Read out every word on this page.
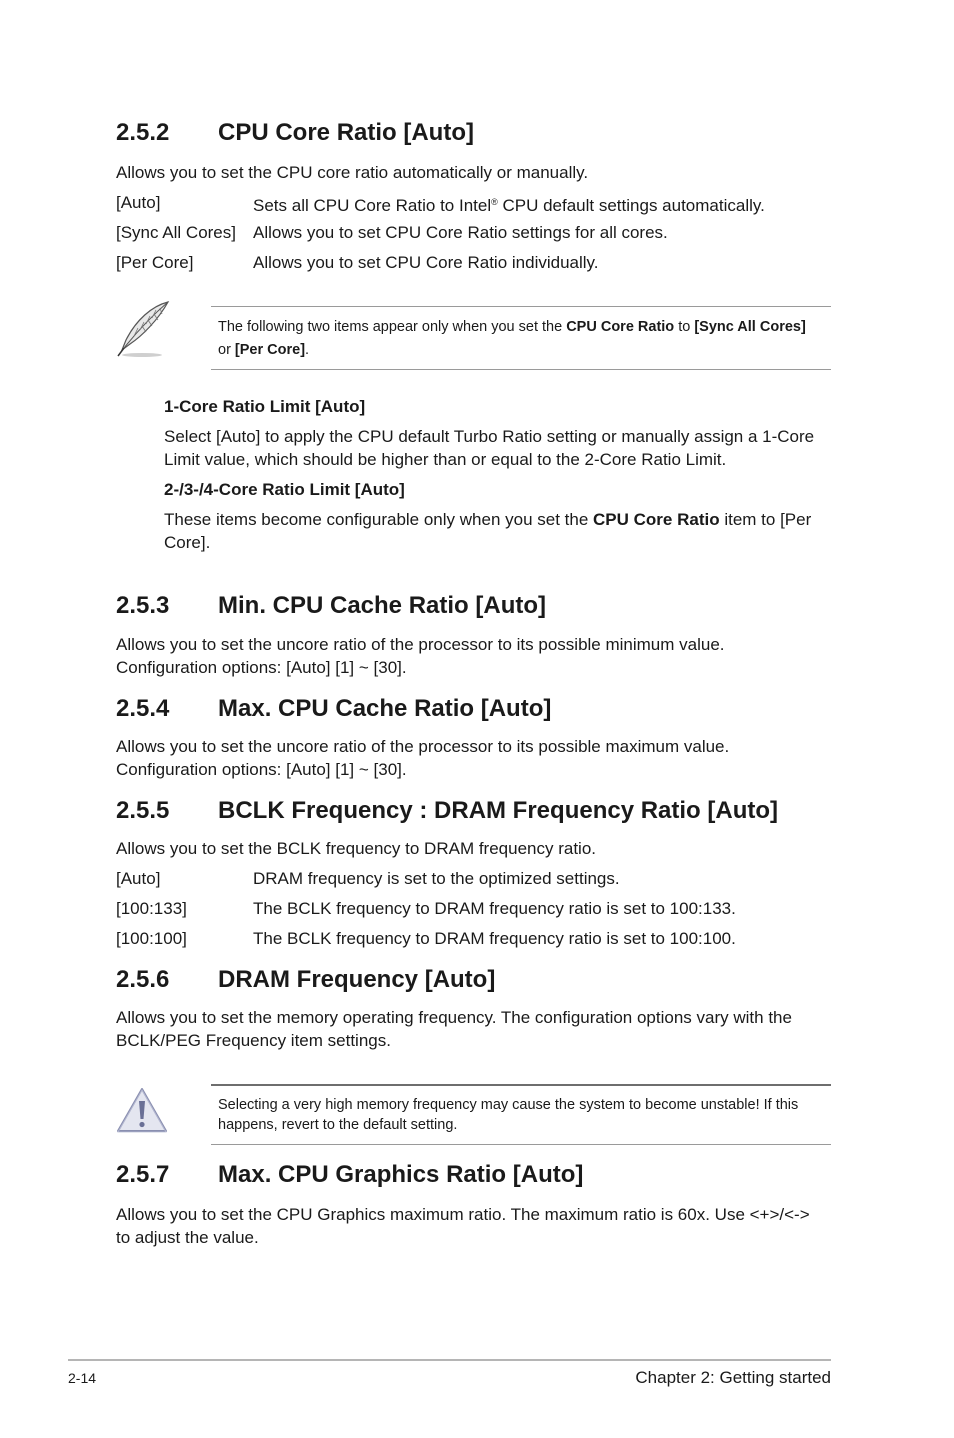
2.5.2 CPU Core Ratio [Auto]
Allows you to set the CPU core ratio automatically or manually.
[Auto]	Sets all CPU Core Ratio to Intel® CPU default settings automatically.
[Sync All Cores] Allows you to set CPU Core Ratio settings for all cores.
[Per Core]	Allows you to set CPU Core Ratio individually.
The following two items appear only when you set the CPU Core Ratio to [Sync All Cores] or [Per Core].
1-Core Ratio Limit [Auto]
Select [Auto] to apply the CPU default Turbo Ratio setting or manually assign a 1-Core Limit value, which should be higher than or equal to the 2-Core Ratio Limit.
2-/3-/4-Core Ratio Limit [Auto]
These items become configurable only when you set the CPU Core Ratio item to [Per Core].
2.5.3 Min. CPU Cache Ratio [Auto]
Allows you to set the uncore ratio of the processor to its possible minimum value.
Configuration options: [Auto] [1] ~ [30].
2.5.4 Max. CPU Cache Ratio [Auto]
Allows you to set the uncore ratio of the processor to its possible maximum value.
Configuration options: [Auto] [1] ~ [30].
2.5.5 BCLK Frequency : DRAM Frequency Ratio [Auto]
Allows you to set the BCLK frequency to DRAM frequency ratio.
[Auto]	DRAM frequency is set to the optimized settings.
[100:133]	The BCLK frequency to DRAM frequency ratio is set to 100:133.
[100:100]	The BCLK frequency to DRAM frequency ratio is set to 100:100.
2.5.6 DRAM Frequency [Auto]
Allows you to set the memory operating frequency. The configuration options vary with the BCLK/PEG Frequency item settings.
Selecting a very high memory frequency may cause the system to become unstable! If this happens, revert to the default setting.
2.5.7 Max. CPU Graphics Ratio [Auto]
Allows you to set the CPU Graphics maximum ratio. The maximum ratio is 60x. Use <+>/<-> to adjust the value.
2-14	Chapter 2: Getting started
